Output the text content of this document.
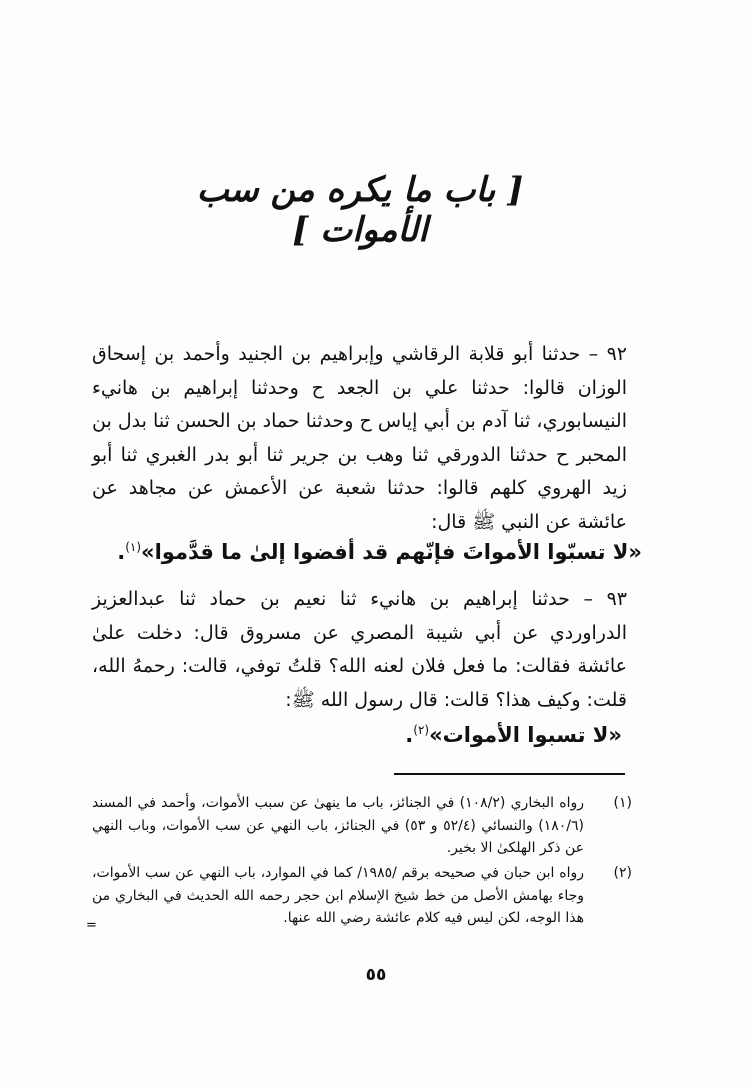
[ باب ما يكره من سب الأموات ]
٩٢ – حدثنا أبو قلابة الرقاشي وإبراهيم بن الجنيد وأحمد بن إسحاق الوزان قالوا: حدثنا علي بن الجعد ح وحدثنا إبراهيم بن هانيء النيسابوري، ثنا آدم بن أبي إياس ح وحدثنا حماد بن الحسن ثنا بدل بن المحبر ح حدثنا الدورقي ثنا وهب بن جرير ثنا أبو بدر الغبري ثنا أبو زيد الهروي كلهم قالوا: حدثنا شعبة عن الأعمش عن مجاهد عن عائشة عن النبي ﷺ قال:
«لا تسبّوا الأمواتَ فإنّهم قد أفضوا إلىٰ ما قدَّموا»$^{(١)}$.
٩٣ – حدثنا إبراهيم بن هانيء ثنا نعيم بن حماد ثنا عبدالعزيز الدراوردي عن أبي شيبة المصري عن مسروق قال: دخلت علىٰ عائشة فقالت: ما فعل فلان لعنه الله؟ قلتُ توفي، قالت: رحمهُ الله، قلت: وكيف هذا؟ قالت: قال رسول الله ﷺ:
«لا تسبوا الأموات»$^{(٢)}$.
(١)
رواه البخاري (١٠٨/٢) في الجنائز، باب ما ينهىٰ عن سبب الأموات، وأحمد في المسند (١٨٠/٦) والنسائي (٥٢/٤ و ٥٣) في الجنائز، باب النهي عن سب الأموات، وباب النهي عن ذكر الهلكىٰ الا بخير.
(٢)
رواه ابن حبان في صحيحه برقم /١٩٨٥/ كما في الموارد، باب النهي عن سب الأموات، وجاء بهامش الأصل من خط شيخ الإسلام ابن حجر رحمه الله الحديث في البخاري من هذا الوجه، لكن ليس فيه كلام عائشة رضي الله عنها.
=
٥٥
